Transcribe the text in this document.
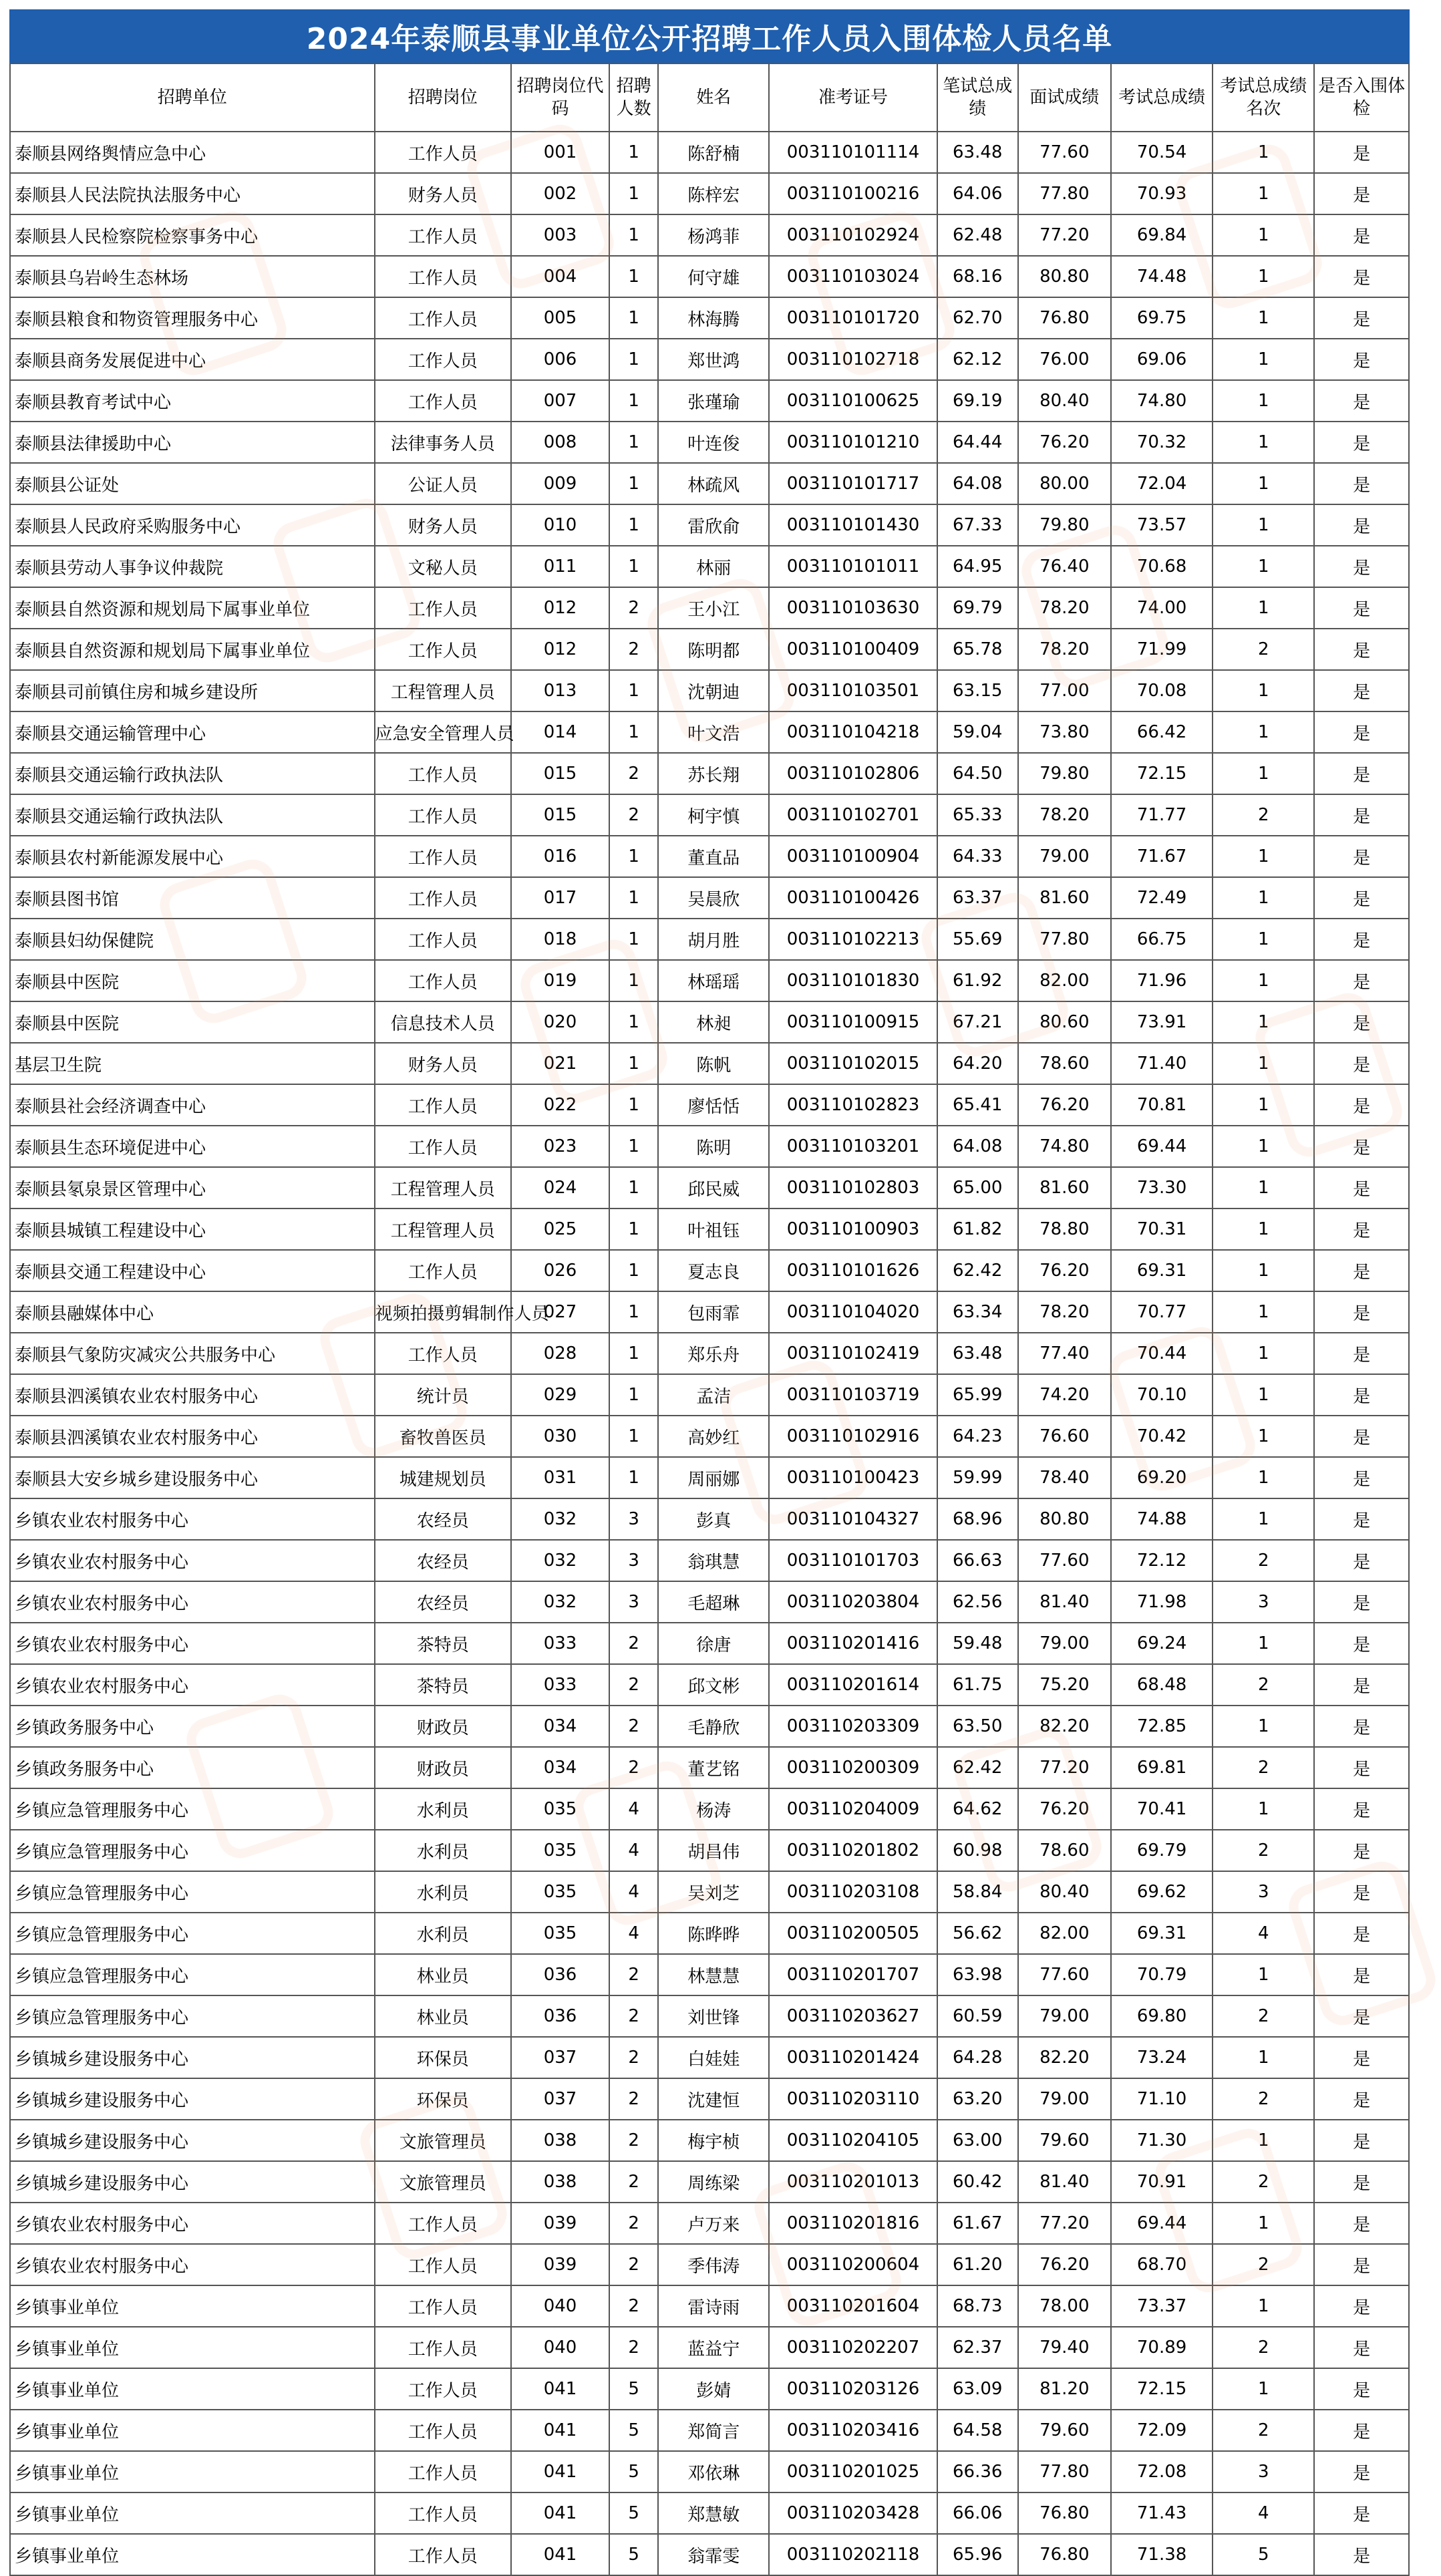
2024年泰顺县事业单位公开招聘工作人员入围体检人员名单
招聘单位	招聘岗位	招聘岗位代码	招聘人数	姓名	准考证号	笔试总成绩	面试成绩	考试总成绩	考试总成绩名次	是否入围体检
泰顺县网络舆情应急中心	工作人员	001	1	陈舒楠	003110101114	63.48	77.60	70.54	1	是
泰顺县人民法院执法服务中心	财务人员	002	1	陈梓宏	003110100216	64.06	77.80	70.93	1	是
泰顺县人民检察院检察事务中心	工作人员	003	1	杨鸿菲	003110102924	62.48	77.20	69.84	1	是
泰顺县乌岩岭生态林场	工作人员	004	1	何守雄	003110103024	68.16	80.80	74.48	1	是
泰顺县粮食和物资管理服务中心	工作人员	005	1	林海腾	003110101720	62.70	76.80	69.75	1	是
泰顺县商务发展促进中心	工作人员	006	1	郑世鸿	003110102718	62.12	76.00	69.06	1	是
泰顺县教育考试中心	工作人员	007	1	张瑾瑜	003110100625	69.19	80.40	74.80	1	是
泰顺县法律援助中心	法律事务人员	008	1	叶连俊	003110101210	64.44	76.20	70.32	1	是
泰顺县公证处	公证人员	009	1	林疏风	003110101717	64.08	80.00	72.04	1	是
泰顺县人民政府采购服务中心	财务人员	010	1	雷欣俞	003110101430	67.33	79.80	73.57	1	是
泰顺县劳动人事争议仲裁院	文秘人员	011	1	林丽	003110101011	64.95	76.40	70.68	1	是
泰顺县自然资源和规划局下属事业单位	工作人员	012	2	王小江	003110103630	69.79	78.20	74.00	1	是
泰顺县自然资源和规划局下属事业单位	工作人员	012	2	陈明都	003110100409	65.78	78.20	71.99	2	是
泰顺县司前镇住房和城乡建设所	工程管理人员	013	1	沈朝迪	003110103501	63.15	77.00	70.08	1	是
泰顺县交通运输管理中心	应急安全管理人员	014	1	叶文浩	003110104218	59.04	73.80	66.42	1	是
泰顺县交通运输行政执法队	工作人员	015	2	苏长翔	003110102806	64.50	79.80	72.15	1	是
泰顺县交通运输行政执法队	工作人员	015	2	柯宇慎	003110102701	65.33	78.20	71.77	2	是
泰顺县农村新能源发展中心	工作人员	016	1	董直品	003110100904	64.33	79.00	71.67	1	是
泰顺县图书馆	工作人员	017	1	吴晨欣	003110100426	63.37	81.60	72.49	1	是
泰顺县妇幼保健院	工作人员	018	1	胡月胜	003110102213	55.69	77.80	66.75	1	是
泰顺县中医院	工作人员	019	1	林瑶瑶	003110101830	61.92	82.00	71.96	1	是
泰顺县中医院	信息技术人员	020	1	林昶	003110100915	67.21	80.60	73.91	1	是
基层卫生院	财务人员	021	1	陈帆	003110102015	64.20	78.60	71.40	1	是
泰顺县社会经济调查中心	工作人员	022	1	廖恬恬	003110102823	65.41	76.20	70.81	1	是
泰顺县生态环境促进中心	工作人员	023	1	陈明	003110103201	64.08	74.80	69.44	1	是
泰顺县氡泉景区管理中心	工程管理人员	024	1	邱民威	003110102803	65.00	81.60	73.30	1	是
泰顺县城镇工程建设中心	工程管理人员	025	1	叶祖钰	003110100903	61.82	78.80	70.31	1	是
泰顺县交通工程建设中心	工作人员	026	1	夏志良	003110101626	62.42	76.20	69.31	1	是
泰顺县融媒体中心	视频拍摄剪辑制作人员	027	1	包雨霏	003110104020	63.34	78.20	70.77	1	是
泰顺县气象防灾减灾公共服务中心	工作人员	028	1	郑乐舟	003110102419	63.48	77.40	70.44	1	是
泰顺县泗溪镇农业农村服务中心	统计员	029	1	孟洁	003110103719	65.99	74.20	70.10	1	是
泰顺县泗溪镇农业农村服务中心	畜牧兽医员	030	1	高妙红	003110102916	64.23	76.60	70.42	1	是
泰顺县大安乡城乡建设服务中心	城建规划员	031	1	周丽娜	003110100423	59.99	78.40	69.20	1	是
乡镇农业农村服务中心	农经员	032	3	彭真	003110104327	68.96	80.80	74.88	1	是
乡镇农业农村服务中心	农经员	032	3	翁琪慧	003110101703	66.63	77.60	72.12	2	是
乡镇农业农村服务中心	农经员	032	3	毛超琳	003110203804	62.56	81.40	71.98	3	是
乡镇农业农村服务中心	茶特员	033	2	徐唐	003110201416	59.48	79.00	69.24	1	是
乡镇农业农村服务中心	茶特员	033	2	邱文彬	003110201614	61.75	75.20	68.48	2	是
乡镇政务服务中心	财政员	034	2	毛静欣	003110203309	63.50	82.20	72.85	1	是
乡镇政务服务中心	财政员	034	2	董艺铭	003110200309	62.42	77.20	69.81	2	是
乡镇应急管理服务中心	水利员	035	4	杨涛	003110204009	64.62	76.20	70.41	1	是
乡镇应急管理服务中心	水利员	035	4	胡昌伟	003110201802	60.98	78.60	69.79	2	是
乡镇应急管理服务中心	水利员	035	4	吴刘芝	003110203108	58.84	80.40	69.62	3	是
乡镇应急管理服务中心	水利员	035	4	陈晔晔	003110200505	56.62	82.00	69.31	4	是
乡镇应急管理服务中心	林业员	036	2	林慧慧	003110201707	63.98	77.60	70.79	1	是
乡镇应急管理服务中心	林业员	036	2	刘世锋	003110203627	60.59	79.00	69.80	2	是
乡镇城乡建设服务中心	环保员	037	2	白娃娃	003110201424	64.28	82.20	73.24	1	是
乡镇城乡建设服务中心	环保员	037	2	沈建恒	003110203110	63.20	79.00	71.10	2	是
乡镇城乡建设服务中心	文旅管理员	038	2	梅宇桢	003110204105	63.00	79.60	71.30	1	是
乡镇城乡建设服务中心	文旅管理员	038	2	周练梁	003110201013	60.42	81.40	70.91	2	是
乡镇农业农村服务中心	工作人员	039	2	卢万来	003110201816	61.67	77.20	69.44	1	是
乡镇农业农村服务中心	工作人员	039	2	季伟涛	003110200604	61.20	76.20	68.70	2	是
乡镇事业单位	工作人员	040	2	雷诗雨	003110201604	68.73	78.00	73.37	1	是
乡镇事业单位	工作人员	040	2	蓝益宁	003110202207	62.37	79.40	70.89	2	是
乡镇事业单位	工作人员	041	5	彭婧	003110203126	63.09	81.20	72.15	1	是
乡镇事业单位	工作人员	041	5	郑简言	003110203416	64.58	79.60	72.09	2	是
乡镇事业单位	工作人员	041	5	邓依琳	003110201025	66.36	77.80	72.08	3	是
乡镇事业单位	工作人员	041	5	郑慧敏	003110203428	66.06	76.80	71.43	4	是
乡镇事业单位	工作人员	041	5	翁霏雯	003110202118	65.96	76.80	71.38	5	是
